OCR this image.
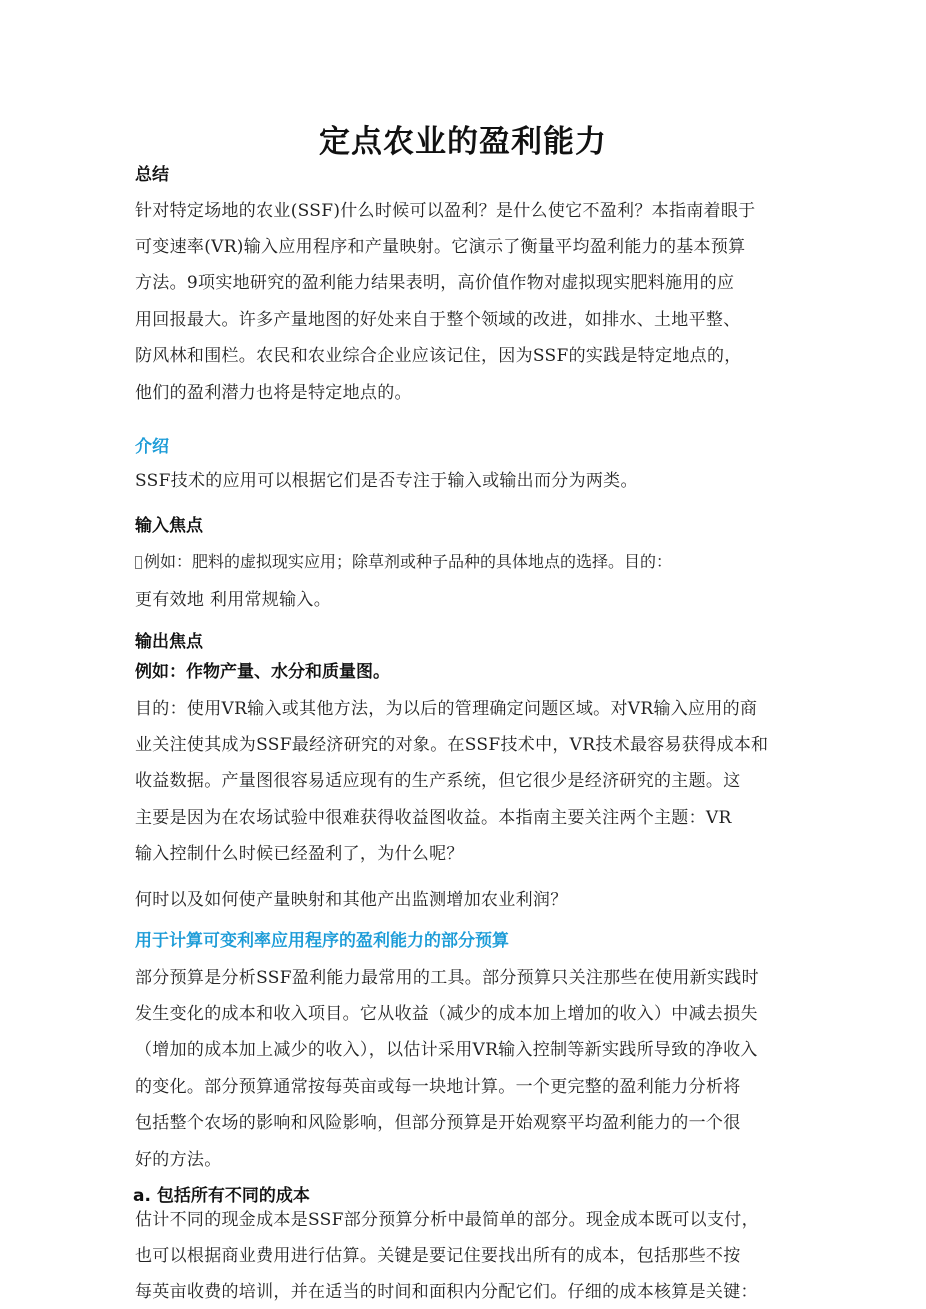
定点农业的盈利能力
总结
针对特定场地的农业(SSF)什么时候可以盈利？是什么使它不盈利？本指南着眼于
可变速率(VR)输入应用程序和产量映射。它演示了衡量平均盈利能力的基本预算
方法。9项实地研究的盈利能力结果表明，高价值作物对虚拟现实肥料施用的应
用回报最大。许多产量地图的好处来自于整个领域的改进，如排水、土地平整、
防风林和围栏。农民和农业综合企业应该记住，因为SSF的实践是特定地点的，
他们的盈利潜力也将是特定地点的。
介绍
SSF技术的应用可以根据它们是否专注于输入或输出而分为两类。
输入焦点
例如：肥料的虚拟现实应用；除草剂或种子品种的具体地点的选择。目的：
更有效地 利用常规输入。
输出焦点
例如：作物产量、水分和质量图。
目的：使用VR输入或其他方法，为以后的管理确定问题区域。对VR输入应用的商
业关注使其成为SSF最经济研究的对象。在SSF技术中，VR技术最容易获得成本和
收益数据。产量图很容易适应现有的生产系统，但它很少是经济研究的主题。这
主要是因为在农场试验中很难获得收益图收益。本指南主要关注两个主题：VR
输入控制什么时候已经盈利了，为什么呢？
何时以及如何使产量映射和其他产出监测增加农业利润？
用于计算可变利率应用程序的盈利能力的部分预算
部分预算是分析SSF盈利能力最常用的工具。部分预算只关注那些在使用新实践时
发生变化的成本和收入项目。它从收益（减少的成本加上增加的收入）中减去损失
（增加的成本加上减少的收入），以估计采用VR输入控制等新实践所导致的净收入
的变化。部分预算通常按每英亩或每一块地计算。一个更完整的盈利能力分析将
包括整个农场的影响和风险影响，但部分预算是开始观察平均盈利能力的一个很
好的方法。
a. 包括所有不同的成本
估计不同的现金成本是SSF部分预算分析中最简单的部分。现金成本既可以支付，
也可以根据商业费用进行估算。关键是要记住要找出所有的成本，包括那些不按
每英亩收费的培训，并在适当的时间和面积内分配它们。仔细的成本核算是关键：
